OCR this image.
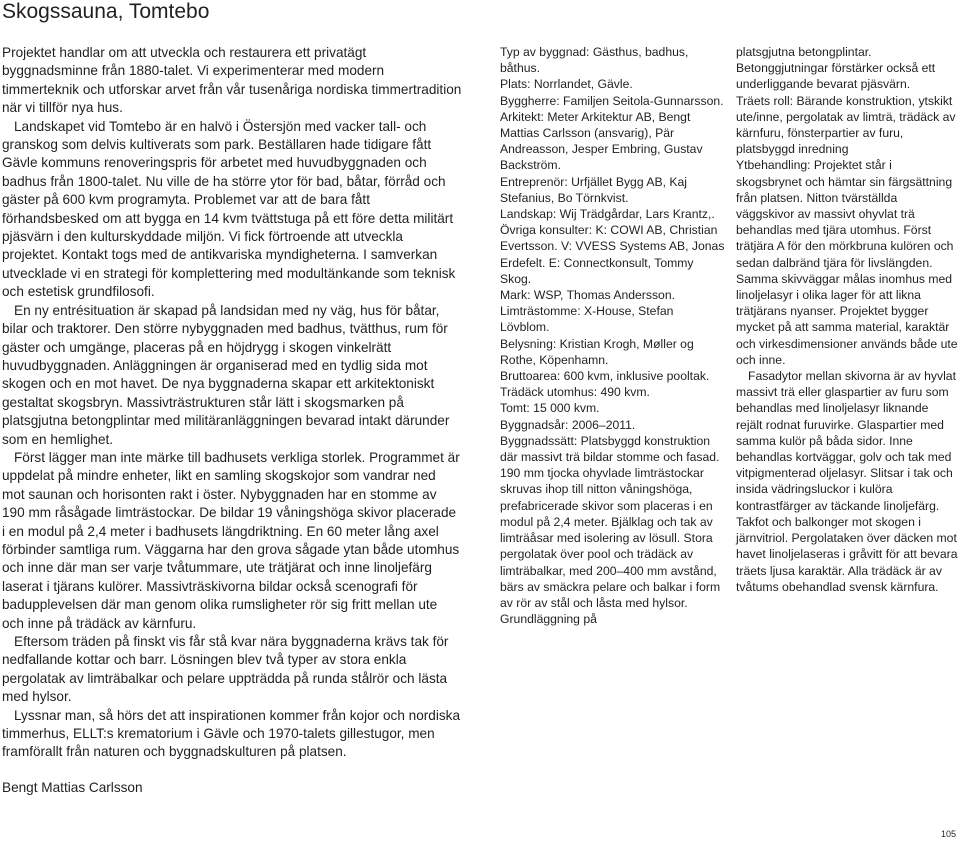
Skogssauna, Tomtebo

Projektet handlar om att utveckla och restaurera ett privatägt byggnadsminne från 1880-talet. Vi experimenterar med modern timmerteknik och utforskar arvet från vår tusenåriga nordiska timmertradition när vi tillför nya hus.

Landskapet vid Tomtebo är en halvö i Östersjön med vacker tall- och granskog som delvis kultiverats som park. Beställaren hade tidigare fått Gävle kommuns renoveringspris för arbetet med huvudbyggnaden och badhus från 1800-talet. Nu ville de ha större ytor för bad, båtar, förråd och gäster på 600 kvm programyta. Problemet var att de bara fått förhandsbesked om att bygga en 14 kvm tvättstuga på ett före detta militärt pjäsvärn i den kulturskyddade miljön. Vi fick förtroende att utveckla projektet. Kontakt togs med de antikvariska myndigheterna. I samverkan utvecklade vi en strategi för komplettering med modultänkande som teknisk och estetisk grundfilosofi.

En ny entrésituation är skapad på landsidan med ny väg, hus för båtar, bilar och traktorer. Den större nybyggnaden med badhus, tvätthus, rum för gäster och umgänge, placeras på en höjdrygg i skogen vinkelrätt huvudbyggnaden. Anläggningen är organiserad med en tydlig sida mot skogen och en mot havet. De nya byggnaderna skapar ett arkitektoniskt gestaltat skogsbryn. Massivträstrukturen står lätt i skogsmarken på platsgjutna betongplintar med militäranläggningen bevarad intakt därunder som en hemlighet.

Först lägger man inte märke till badhusets verkliga storlek. Programmet är uppdelat på mindre enheter, likt en samling skogskojor som vandrar ned mot saunan och horisonten rakt i öster. Nybyggnaden har en stomme av 190 mm råsågade limträstockar. De bildar 19 våningshöga skivor placerade i en modul på 2,4 meter i badhusets längdriktning. En 60 meter lång axel förbinder samtliga rum. Väggarna har den grova sågade ytan både utomhus och inne där man ser varje tvåtummare, ute trätjärat och inne linoljefärg laserat i tjärans kulörer. Massivträskivorna bildar också scenografi för badupplevelsen där man genom olika rumsligheter rör sig fritt mellan ute och inne på trädäck av kärnfuru.

Eftersom träden på finskt vis får stå kvar nära byggnaderna krävs tak för nedfallande kottar och barr. Lösningen blev två typer av stora enkla pergolatak av limträbalkar och pelare uppträdda på runda stålrör och lästa med hylsor.

Lyssnar man, så hörs det att inspirationen kommer från kojor och nordiska timmerhus, ELLT:s krematorium i Gävle och 1970-talets gillestugor, men framförallt från naturen och byggnadskulturen på platsen.

Bengt Mattias Carlsson

Typ av byggnad: Gästhus, badhus, båthus.

Plats: Norrlandet, Gävle.

Byggherre: Familjen Seitola-Gunnarsson.

Arkitekt: Meter Arkitektur AB, Bengt Mattias Carlsson (ansvarig), Pär Andreasson, Jesper Embring, Gustav Backström.

Entreprenör: Urfjället Bygg AB, Kaj Stefanius, Bo Törnkvist.

Landskap: Wij Trädgårdar, Lars Krantz,.

Övriga konsulter: K: COWI AB, Christian Evertsson. V: VVESS Systems AB, Jonas Erdefelt. E: Connectkonsult, Tommy Skog.

Mark: WSP, Thomas Andersson.

Limträstomme: X-House, Stefan Lövblom.

Belysning: Kristian Krogh, Møller og Rothe, Köpenhamn.

Bruttoarea: 600 kvm, inklusive pooltak.

Trädäck utomhus: 490 kvm.

Tomt: 15 000 kvm.

Byggnadsår: 2006–2011.

Byggnadssätt: Platsbyggd konstruktion där massivt trä bildar stomme och fasad.

190 mm tjocka ohyvlade limträstockar skruvas ihop till nitton våningshöga, prefabricerade skivor som placeras i en modul på 2,4 meter. Bjälklag och tak av limträåsar med isolering av lösull. Stora pergolatak över pool och trädäck av limträbalkar, med 200–400 mm avstånd, bärs av smäckra pelare och balkar i form av rör av stål och låsta med hylsor. Grundläggning på

platsgjutna betongplintar. Betonggjutningar förstärker också ett underliggande bevarat pjäsvärn.

Träets roll: Bärande konstruktion, ytskikt ute/inne, pergolatak av limträ, trädäck av kärnfuru, fönsterpartier av furu, platsbyggd inredning

Ytbehandling: Projektet står i skogsbrynet och hämtar sin färgsättning från platsen. Nitton tvärställda väggskivor av massivt ohyvlat trä behandlas med tjära utomhus. Först trätjära A för den mörkbruna kulören och sedan dalbränd tjära för livslängden. Samma skivväggar målas inomhus med linoljelasyr i olika lager för att likna trätjärans nyanser. Projektet bygger mycket på att samma material, karaktär och virkesdimensioner används både ute och inne.

Fasadytor mellan skivorna är av hyvlat massivt trä eller glaspartier av furu som behandlas med linoljelasyr liknande rejält rodnat furuvirke. Glaspartier med samma kulör på båda sidor. Inne behandlas kortväggar, golv och tak med vitpigmenterad oljelasyr. Slitsar i tak och insida vädringsluckor i kulöra kontrastfärger av täckande linoljefärg. Takfot och balkonger mot skogen i järnvitriol. Pergolataken över däcken mot havet linoljelaseras i gråvitt för att bevara träets ljusa karaktär. Alla trädäck är av tvåtums obehandlad svensk kärnfura.

105
